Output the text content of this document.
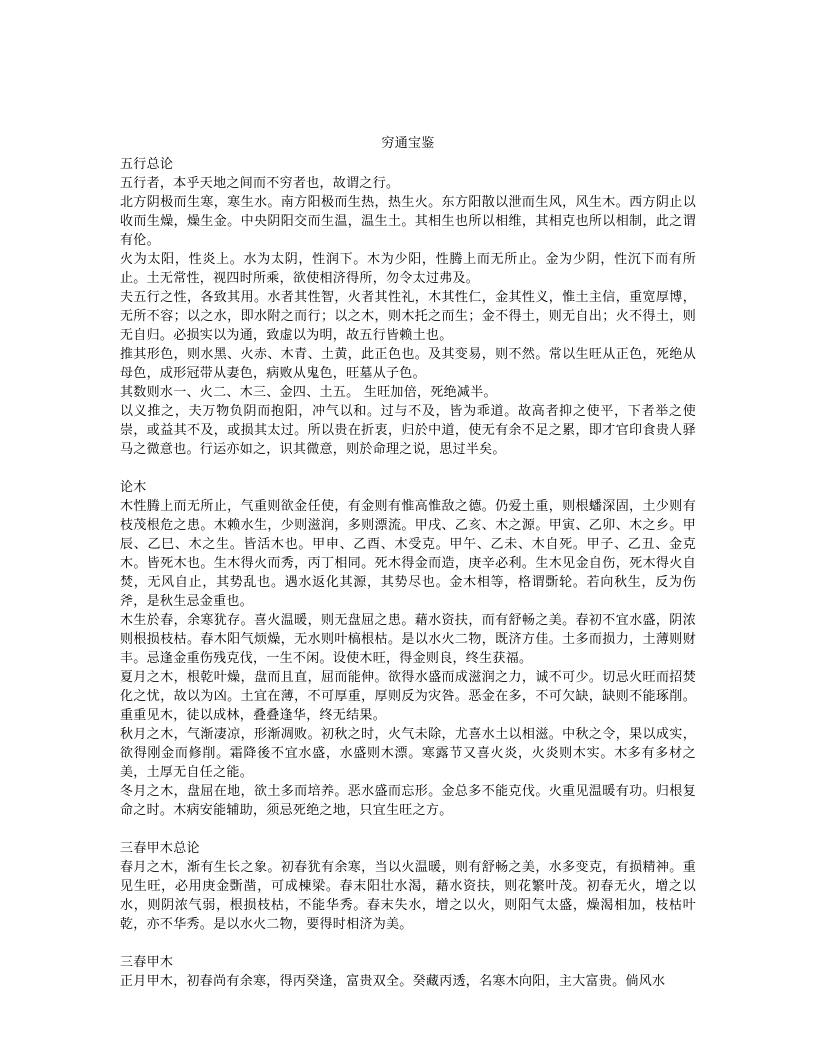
穷通宝鉴
五行总论

五行者，本乎天地之间而不穷者也，故谓之行。

北方阴极而生寒，寒生水。南方阳极而生热，热生火。东方阳散以泄而生风，风生木。西方阴止以收而生燥，燥生金。中央阴阳交而生温，温生土。其相生也所以相维，其相克也所以相制，此之谓有伦。

火为太阳，性炎上。水为太阴，性润下。木为少阳，性腾上而无所止。金为少阴，性沉下而有所止。土无常性，视四时所乘，欲使相济得所，勿令太过弗及。

夫五行之性，各致其用。水者其性智，火者其性礼，木其性仁，金其性义，惟土主信，重宽厚博，无所不容；以之水，即水附之而行；以之木，则木托之而生；金不得土，则无自出；火不得土，则无自归。必损实以为通，致虚以为明，故五行皆赖土也。

推其形色，则水黑、火赤、木青、土黄，此正色也。及其变易，则不然。常以生旺从正色，死绝从母色，成形冠带从妻色，病败从鬼色，旺墓从子色。

其数则水一、火二、木三、金四、土五。 生旺加倍，死绝减半。

以义推之，夫万物负阴而抱阳，冲气以和。过与不及，皆为乖道。故高者抑之使平，下者举之使崇，或益其不及，或损其太过。所以贵在折衷，归於中道，使无有余不足之累，即才官印食贵人驿马之微意也。行运亦如之，识其微意，则於命理之说，思过半矣。

论木

木性腾上而无所止，气重则欲金任使，有金则有惟高惟敌之德。仍爱土重，则根蟠深固，土少则有枝茂根危之患。木赖水生，少则滋润，多则漂流。甲戌、乙亥、木之源。甲寅、乙卯、木之乡。甲辰、乙巳、木之生。皆活木也。甲申、乙酉、木受克。甲午、乙未、木自死。甲子、乙丑、金克木。皆死木也。生木得火而秀，丙丁相同。死木得金而造，庚辛必利。生木见金自伤，死木得火自焚，无风自止，其势乱也。遇水返化其源，其势尽也。金木相等，格谓斲轮。若向秋生，反为伤斧，是秋生忌金重也。

木生於春，余寒犹存。喜火温暖，则无盘屈之患。藉水资扶，而有舒畅之美。春初不宜水盛，阴浓则根损枝枯。春木阳气烦燥，无水则叶槁根枯。是以水火二物，既济方佳。土多而损力，土薄则财丰。忌逢金重伤残克伐，一生不闲。设使木旺，得金则良，终生获福。

夏月之木，根乾叶燥，盘而且直，屈而能伸。欲得水盛而成滋润之力，诚不可少。切忌火旺而招焚化之忧，故以为凶。土宜在薄，不可厚重，厚则反为灾咎。恶金在多，不可欠缺，缺则不能琢削。重重见木，徒以成林，叠叠逢华，终无结果。

秋月之木，气渐凄凉，形渐凋败。初秋之时，火气未除，尤喜水土以相滋。中秋之令，果以成实，欲得刚金而修削。霜降後不宜水盛，水盛则木漂。寒露节又喜火炎，火炎则木实。木多有多材之美，土厚无自任之能。

冬月之木，盘屈在地，欲土多而培养。恶水盛而忘形。金总多不能克伐。火重见温暖有功。归根复命之时。木病安能辅助，须忌死绝之地，只宜生旺之方。

三春甲木总论

春月之木，渐有生长之象。初春犹有余寒，当以火温暖，则有舒畅之美，水多变克，有损精神。重见生旺，必用庚金斲凿，可成棟梁。春末阳壮水渴，藉水资扶，则花繁叶茂。初春无火，增之以水，则阴浓气弱，根损枝枯，不能华秀。春末失水，增之以火，则阳气太盛，燥渴相加，枝枯叶乾，亦不华秀。是以水火二物，要得时相济为美。

三春甲木

正月甲木，初春尚有余寒，得丙癸逢，富贵双全。癸藏丙透，名寒木向阳，主大富贵。倘风水
